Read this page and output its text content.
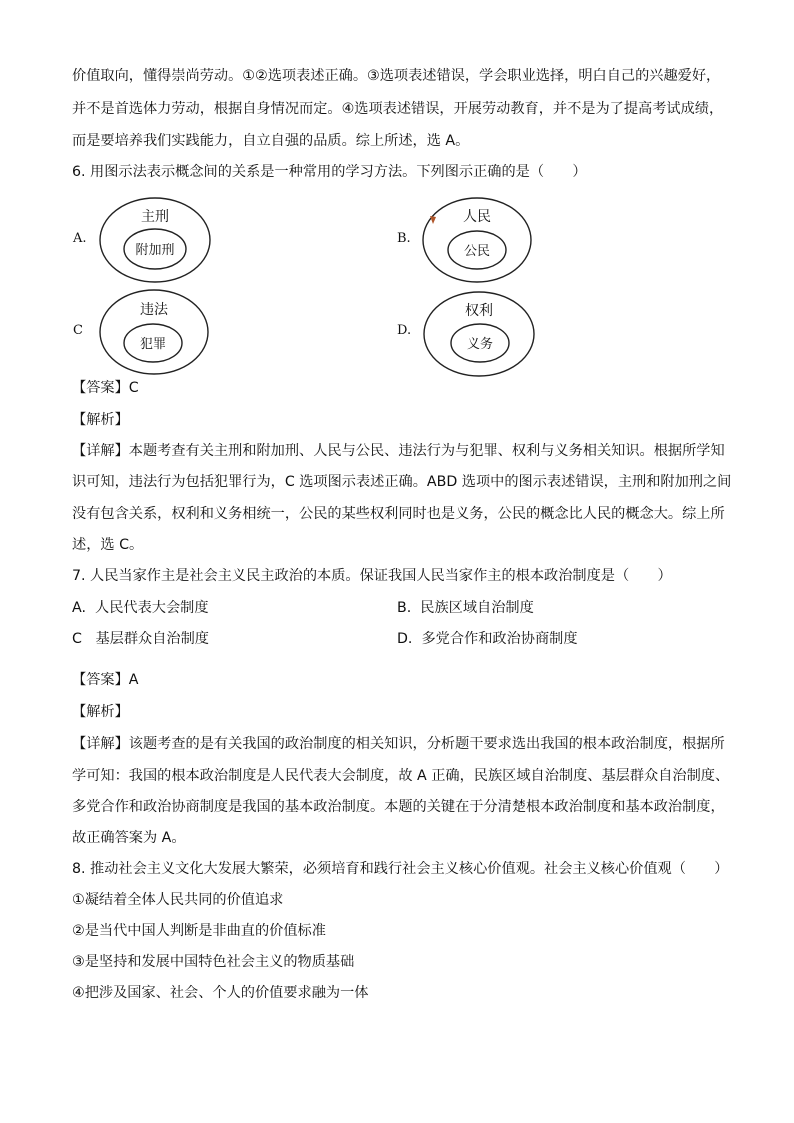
价值取向，懂得崇尚劳动。①②选项表述正确。③选项表述错误，学会职业选择，明白自己的兴趣爱好，
并不是首选体力劳动，根据自身情况而定。④选项表述错误，开展劳动教育，并不是为了提高考试成绩，
而是要培养我们实践能力，自立自强的品质。综上所述，选 A。
6. 用图示法表示概念间的关系是一种常用的学习方法。下列图示正确的是（　　）
A.
主刑
附加刑
B.
人民
公民
C
违法
犯罪
D.
权利
义务
【答案】C
【解析】
【详解】本题考查有关主刑和附加刑、人民与公民、违法行为与犯罪、权利与义务相关知识。根据所学知
识可知，违法行为包括犯罪行为，C 选项图示表述正确。ABD 选项中的图示表述错误，主刑和附加刑之间
没有包含关系，权利和义务相统一，公民的某些权利同时也是义务，公民的概念比人民的概念大。综上所
述，选 C。
7. 人民当家作主是社会主义民主政治的本质。保证我国人民当家作主的根本政治制度是（　　）
A. 人民代表大会制度	B. 民族区域自治制度
C 基层群众自治制度	D. 多党合作和政治协商制度
【答案】A
【解析】
【详解】该题考查的是有关我国的政治制度的相关知识，分析题干要求选出我国的根本政治制度，根据所
学可知：我国的根本政治制度是人民代表大会制度，故 A 正确，民族区域自治制度、基层群众自治制度、
多党合作和政治协商制度是我国的基本政治制度。本题的关键在于分清楚根本政治制度和基本政治制度，
故正确答案为 A。
8. 推动社会主义文化大发展大繁荣，必须培育和践行社会主义核心价值观。社会主义核心价值观（　　）
①凝结着全体人民共同的价值追求
②是当代中国人判断是非曲直的价值标准
③是坚持和发展中国特色社会主义的物质基础
④把涉及国家、社会、个人的价值要求融为一体
